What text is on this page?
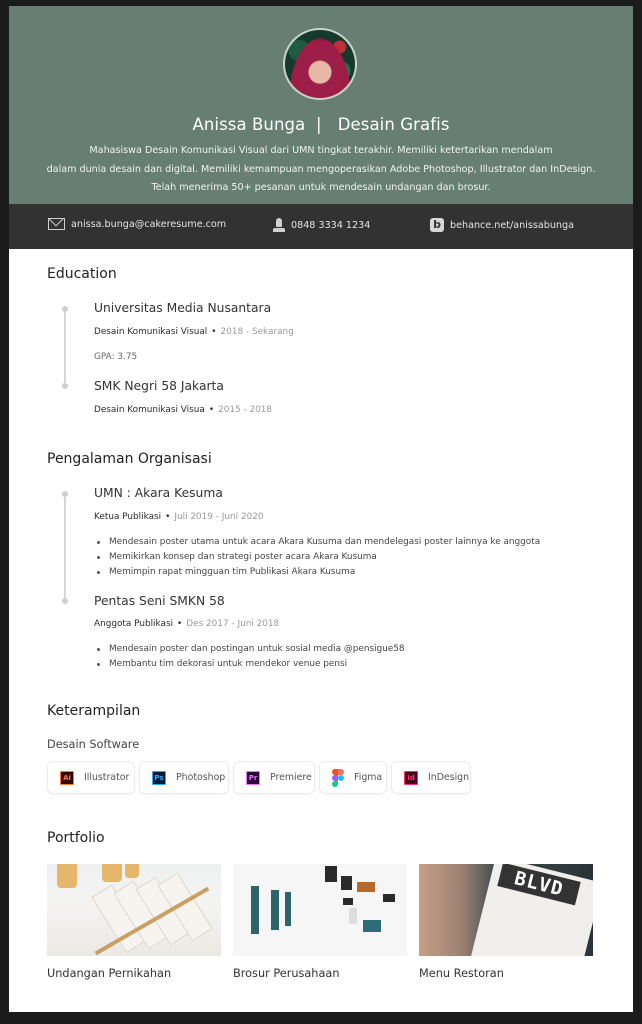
Anissa Bunga  |   Desain Grafis
Mahasiswa Desain Komunikasi Visual dari UMN tingkat terakhir. Memiliki ketertarikan mendalam
dalam dunia desain dan digital. Memiliki kemampuan mengoperasikan Adobe Photoshop, Illustrator dan InDesign.
Telah menerima 50+ pesanan untuk mendesain undangan dan brosur.
anissa.bunga@cakeresume.com	0848 3334 1234	b behance.net/anissabunga
Education
Universitas Media Nusantara
Desain Komunikasi Visual • 2018 - Sekarang
GPA: 3.75
SMK Negri 58 Jakarta
Desain Komunikasi Visua • 2015 - 2018
Pengalaman Organisasi
UMN : Akara Kesuma
Ketua Publikasi • Juli 2019 - Juni 2020
Mendesain poster utama untuk acara Akara Kusuma dan mendelegasi poster lainnya ke anggota
Memikirkan konsep dan strategi poster acara Akara Kusuma
Memimpin rapat mingguan tim Publikasi Akara Kusuma
Pentas Seni SMKN 58
Anggota Publikasi • Des 2017 - Juni 2018
Mendesain poster dan postingan untuk sosial media @pensigue58
Membantu tim dekorasi untuk mendekor venue pensi
Keterampilan
Desain Software
Ai	Illustrator	Ps Photoshop	Pr Premiere	Figma	Id	InDesign
Portfolio
Undangan Pernikahan	Brosur Perusahaan
BLVD
Menu Restoran
